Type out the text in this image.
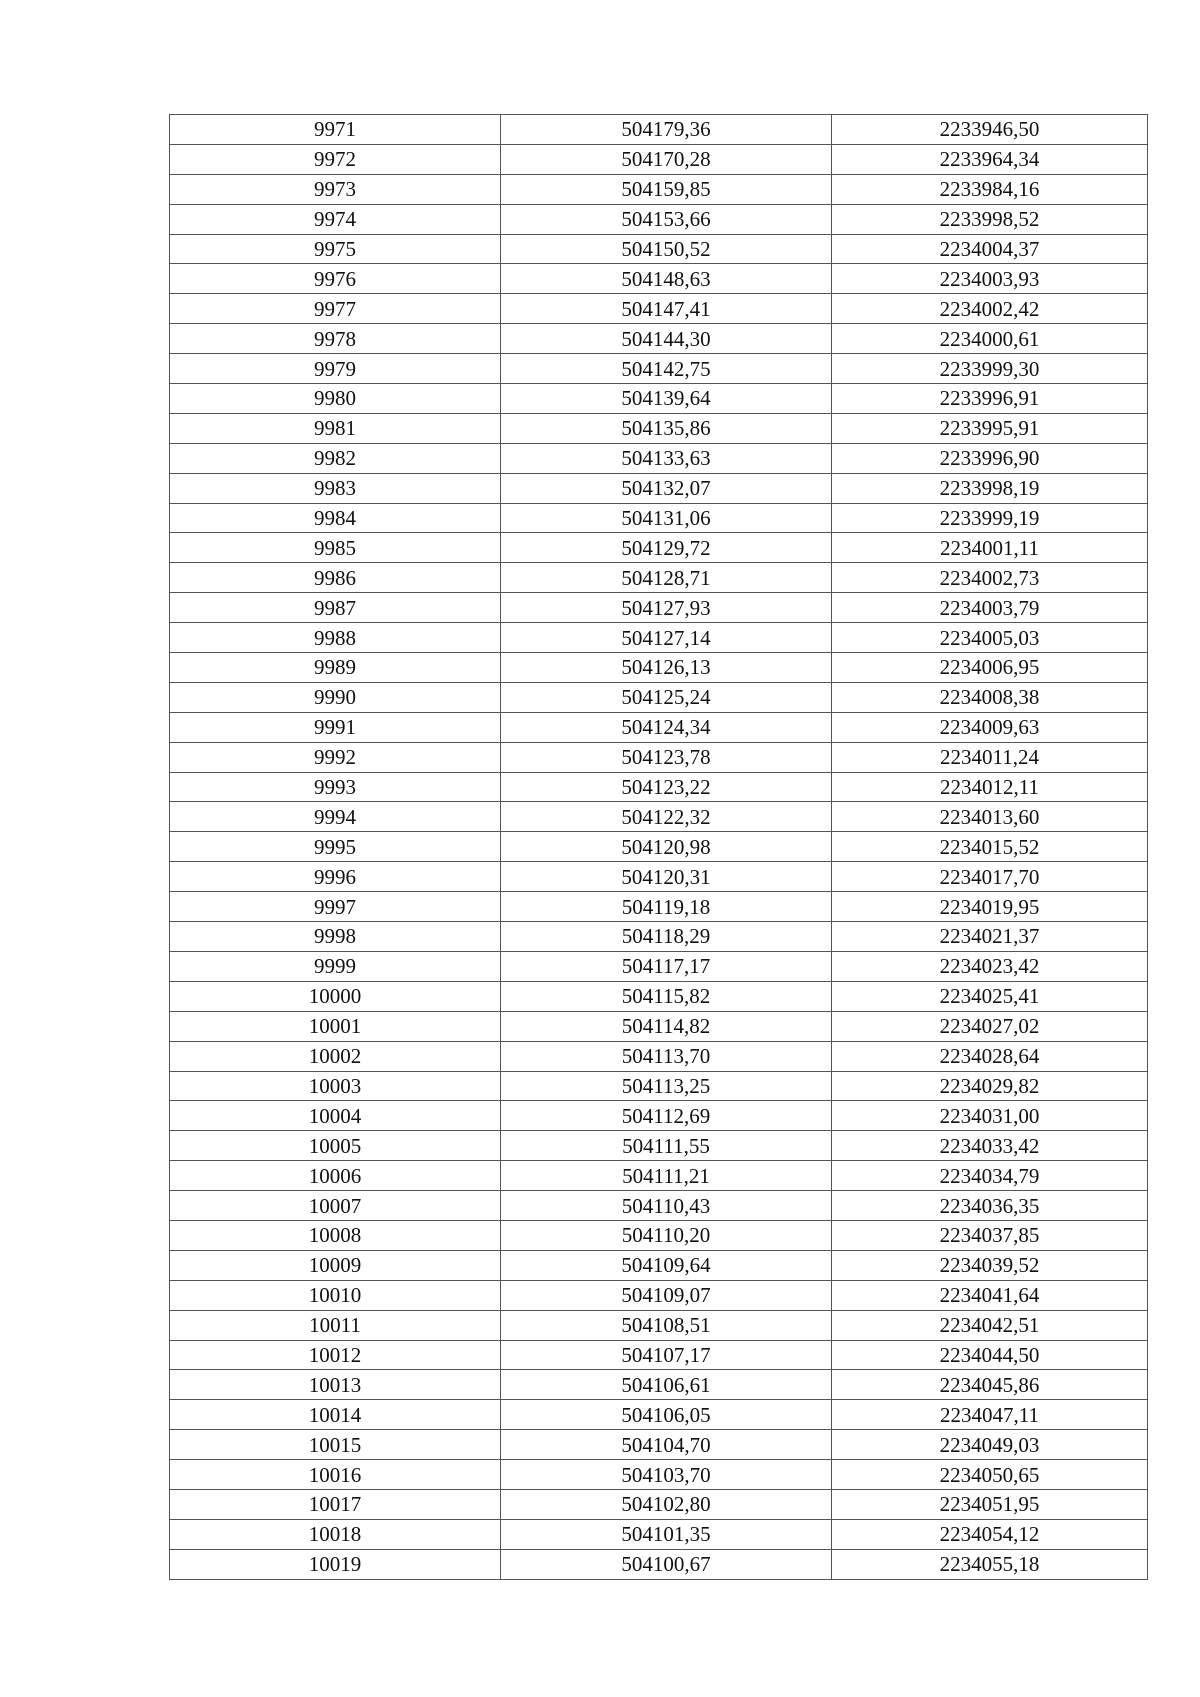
9971	504179,36	2233946,50
9972	504170,28	2233964,34
9973	504159,85	2233984,16
9974	504153,66	2233998,52
9975	504150,52	2234004,37
9976	504148,63	2234003,93
9977	504147,41	2234002,42
9978	504144,30	2234000,61
9979	504142,75	2233999,30
9980	504139,64	2233996,91
9981	504135,86	2233995,91
9982	504133,63	2233996,90
9983	504132,07	2233998,19
9984	504131,06	2233999,19
9985	504129,72	2234001,11
9986	504128,71	2234002,73
9987	504127,93	2234003,79
9988	504127,14	2234005,03
9989	504126,13	2234006,95
9990	504125,24	2234008,38
9991	504124,34	2234009,63
9992	504123,78	2234011,24
9993	504123,22	2234012,11
9994	504122,32	2234013,60
9995	504120,98	2234015,52
9996	504120,31	2234017,70
9997	504119,18	2234019,95
9998	504118,29	2234021,37
9999	504117,17	2234023,42
10000	504115,82	2234025,41
10001	504114,82	2234027,02
10002	504113,70	2234028,64
10003	504113,25	2234029,82
10004	504112,69	2234031,00
10005	504111,55	2234033,42
10006	504111,21	2234034,79
10007	504110,43	2234036,35
10008	504110,20	2234037,85
10009	504109,64	2234039,52
10010	504109,07	2234041,64
10011	504108,51	2234042,51
10012	504107,17	2234044,50
10013	504106,61	2234045,86
10014	504106,05	2234047,11
10015	504104,70	2234049,03
10016	504103,70	2234050,65
10017	504102,80	2234051,95
10018	504101,35	2234054,12
10019	504100,67	2234055,18
